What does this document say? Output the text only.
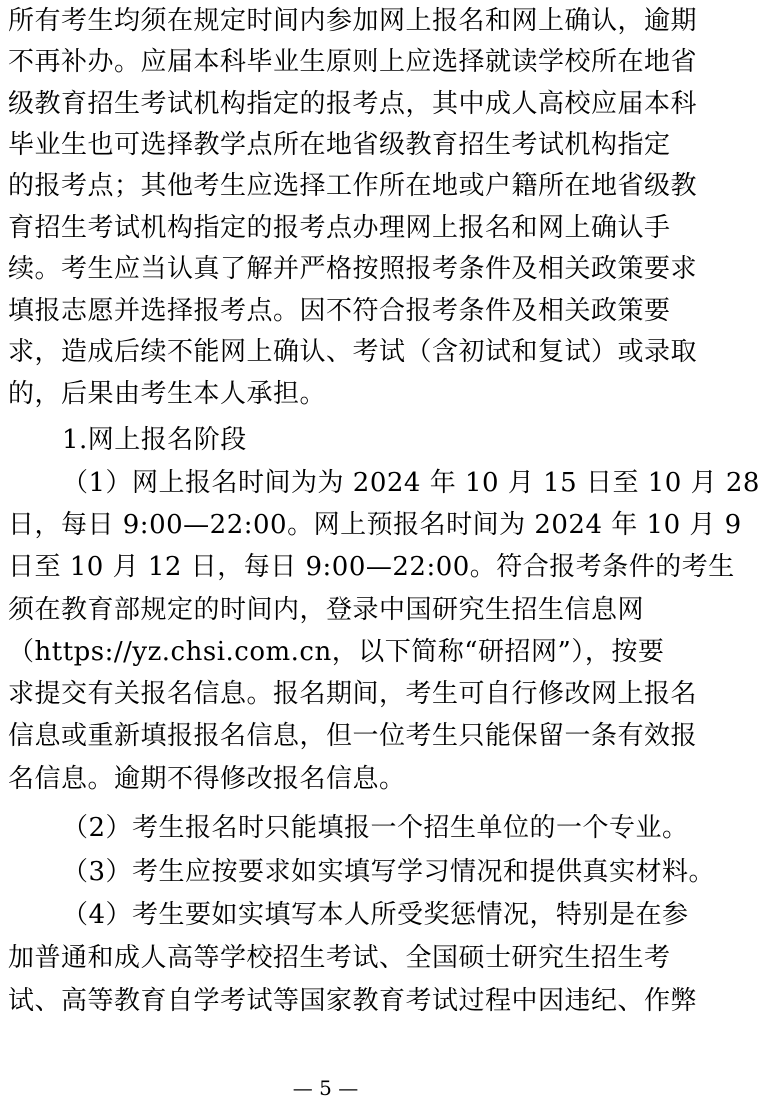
所有考生均须在规定时间内参加网上报名和网上确认，逾期
不再补办。应届本科毕业生原则上应选择就读学校所在地省
级教育招生考试机构指定的报考点，其中成人高校应届本科
毕业生也可选择教学点所在地省级教育招生考试机构指定
的报考点；其他考生应选择工作所在地或户籍所在地省级教
育招生考试机构指定的报考点办理网上报名和网上确认手
续。考生应当认真了解并严格按照报考条件及相关政策要求
填报志愿并选择报考点。因不符合报考条件及相关政策要
求，造成后续不能网上确认、考试（含初试和复试）或录取
的，后果由考生本人承担。
1.网上报名阶段
（1）网上报名时间为为 2024 年 10 月 15 日至 10 月 28
日，每日 9:00—22:00。网上预报名时间为 2024 年 10 月 9
日至 10 月 12 日，每日 9:00—22:00。符合报考条件的考生
须在教育部规定的时间内，登录中国研究生招生信息网
（https://yz.chsi.com.cn，以下简称“研招网”），按要
求提交有关报名信息。报名期间，考生可自行修改网上报名
信息或重新填报报名信息，但一位考生只能保留一条有效报
名信息。逾期不得修改报名信息。
（2）考生报名时只能填报一个招生单位的一个专业。
（3）考生应按要求如实填写学习情况和提供真实材料。
（4）考生要如实填写本人所受奖惩情况，特别是在参
加普通和成人高等学校招生考试、全国硕士研究生招生考
试、高等教育自学考试等国家教育考试过程中因违纪、作弊
— 5 —
